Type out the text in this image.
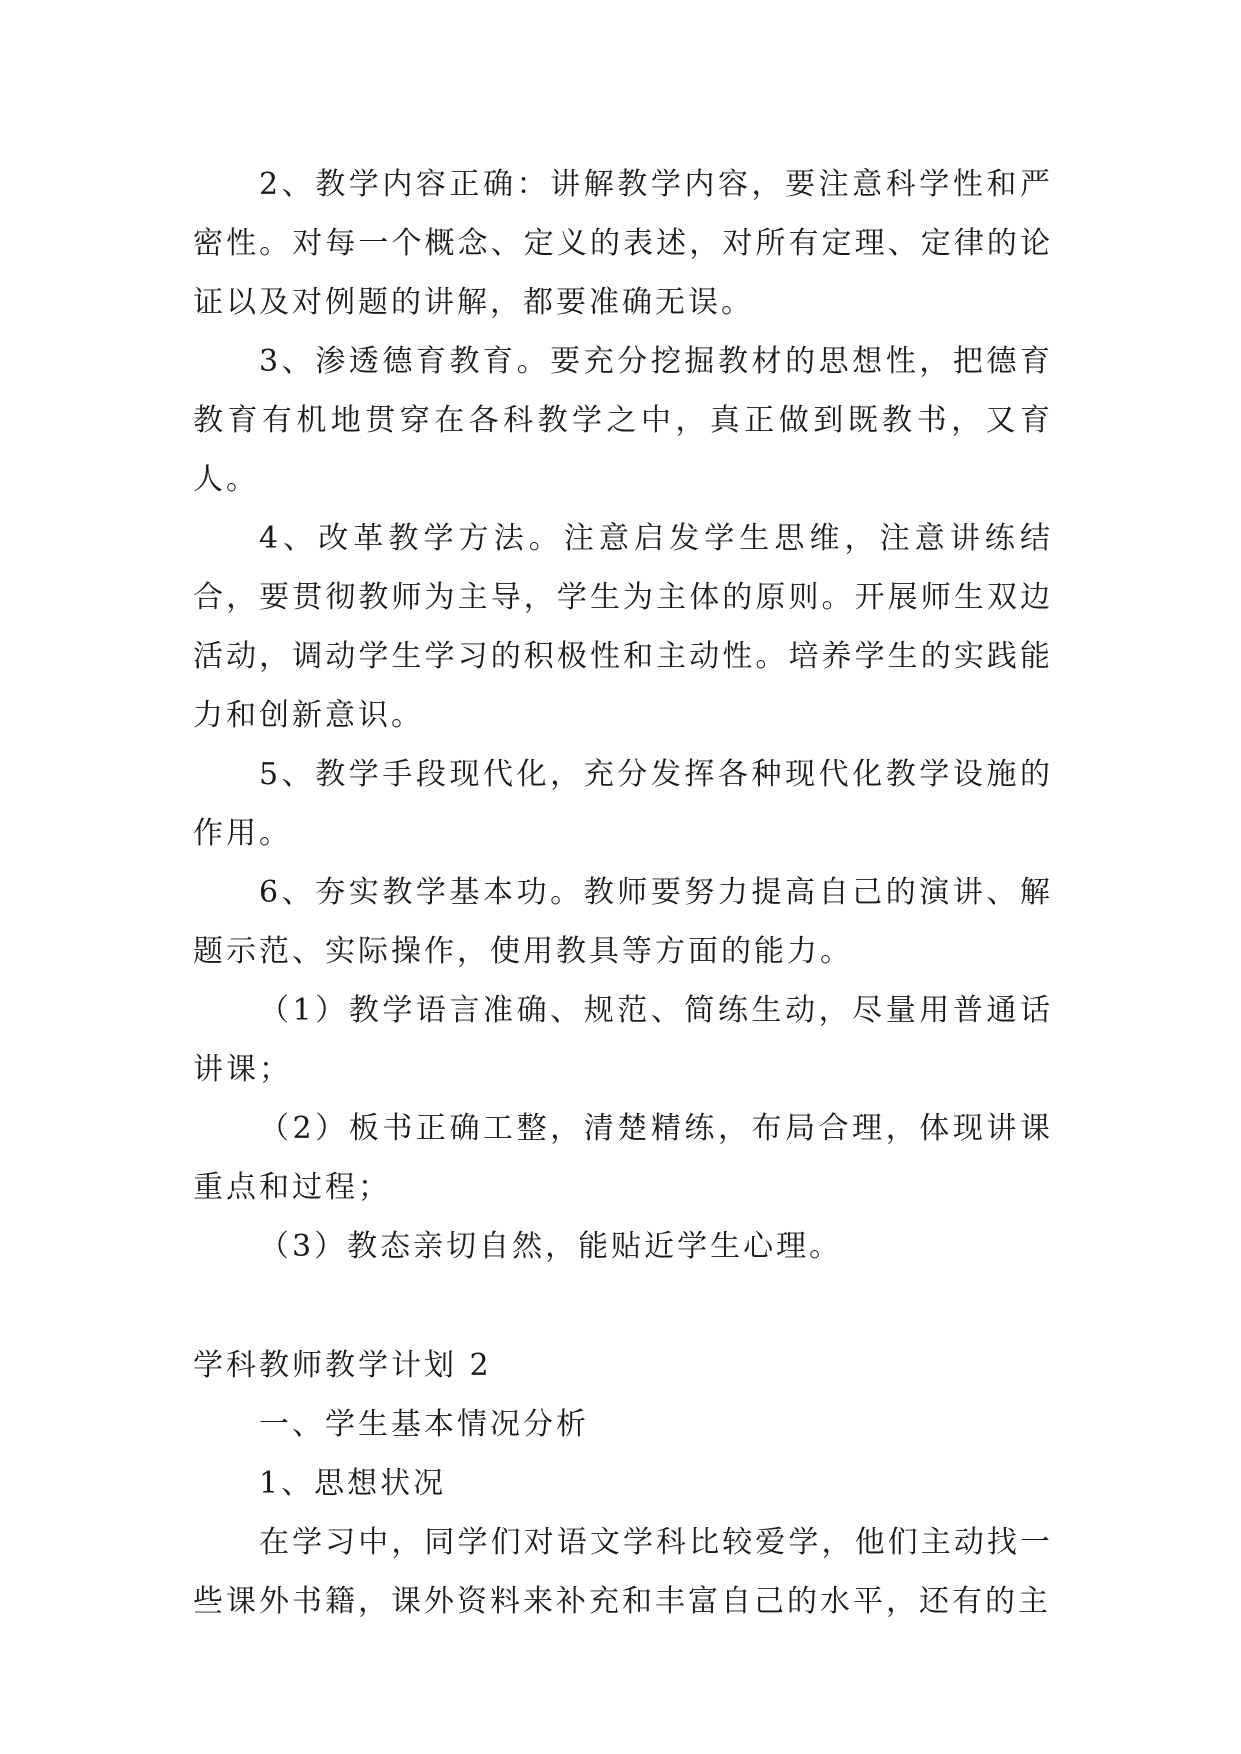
2、教学内容正确：讲解教学内容，要注意科学性和严密性。对每一个概念、定义的表述，对所有定理、定律的论证以及对例题的讲解，都要准确无误。

3、渗透德育教育。要充分挖掘教材的思想性，把德育教育有机地贯穿在各科教学之中，真正做到既教书，又育人。

4、改革教学方法。注意启发学生思维，注意讲练结合，要贯彻教师为主导，学生为主体的原则。开展师生双边活动，调动学生学习的积极性和主动性。培养学生的实践能力和创新意识。

5、教学手段现代化，充分发挥各种现代化教学设施的作用。

6、夯实教学基本功。教师要努力提高自己的演讲、解题示范、实际操作，使用教具等方面的能力。

（1）教学语言准确、规范、简练生动，尽量用普通话讲课；

（2）板书正确工整，清楚精练，布局合理，体现讲课重点和过程；

（3）教态亲切自然，能贴近学生心理。

学科教师教学计划 2

一、学生基本情况分析

1、思想状况

在学习中，同学们对语文学科比较爱学，他们主动找一些课外书籍，课外资料来补充和丰富自己的水平，还有的主
